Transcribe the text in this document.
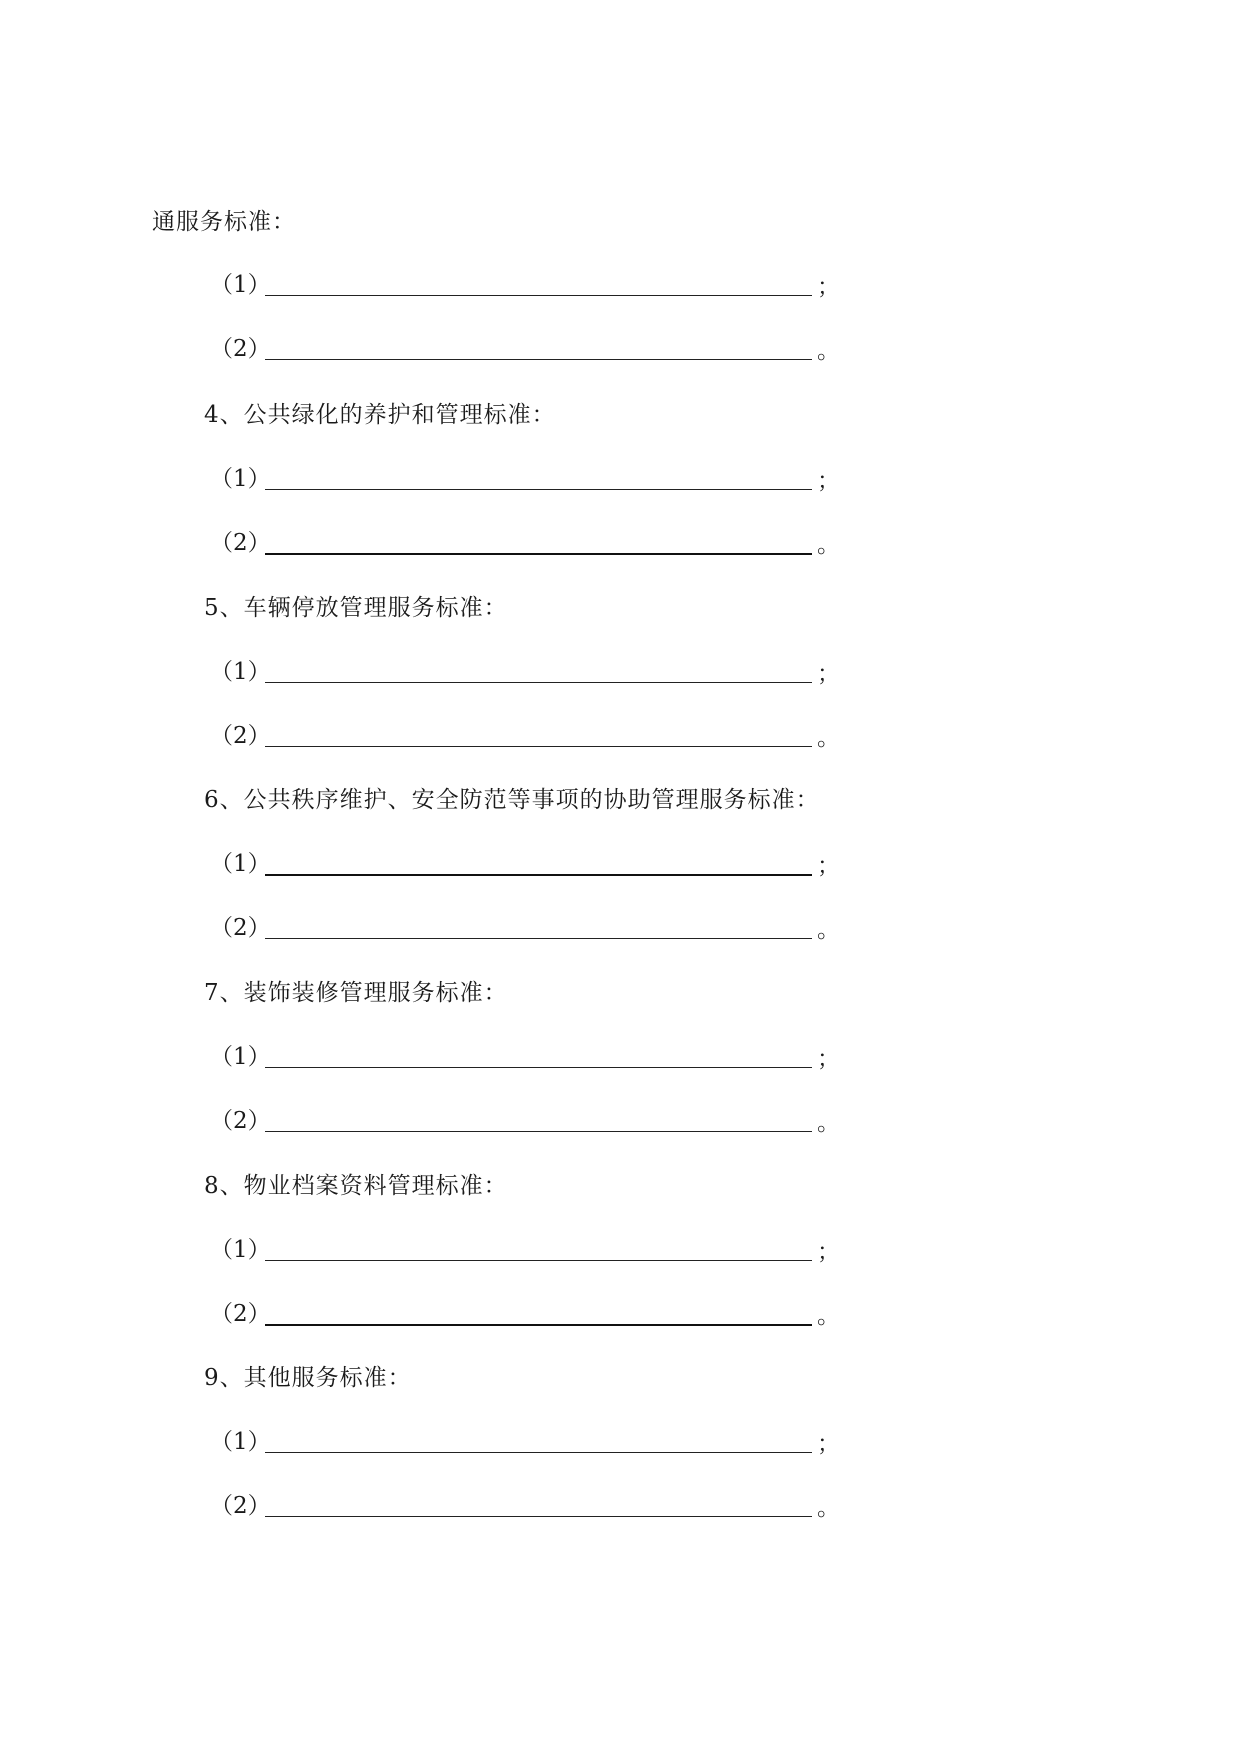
通服务标准：
（1）	；
（2）	。
4、公共绿化的养护和管理标准：
（1）	；
（2）	。
5、车辆停放管理服务标准：
（1）	；
（2）	。
6、公共秩序维护、安全防范等事项的协助管理服务标准：
（1）	；
（2）	。
7、装饰装修管理服务标准：
（1）	；
（2）	。
8、物业档案资料管理标准：
（1）	；
（2）	。
9、其他服务标准：
（1）	；
（2）	。
